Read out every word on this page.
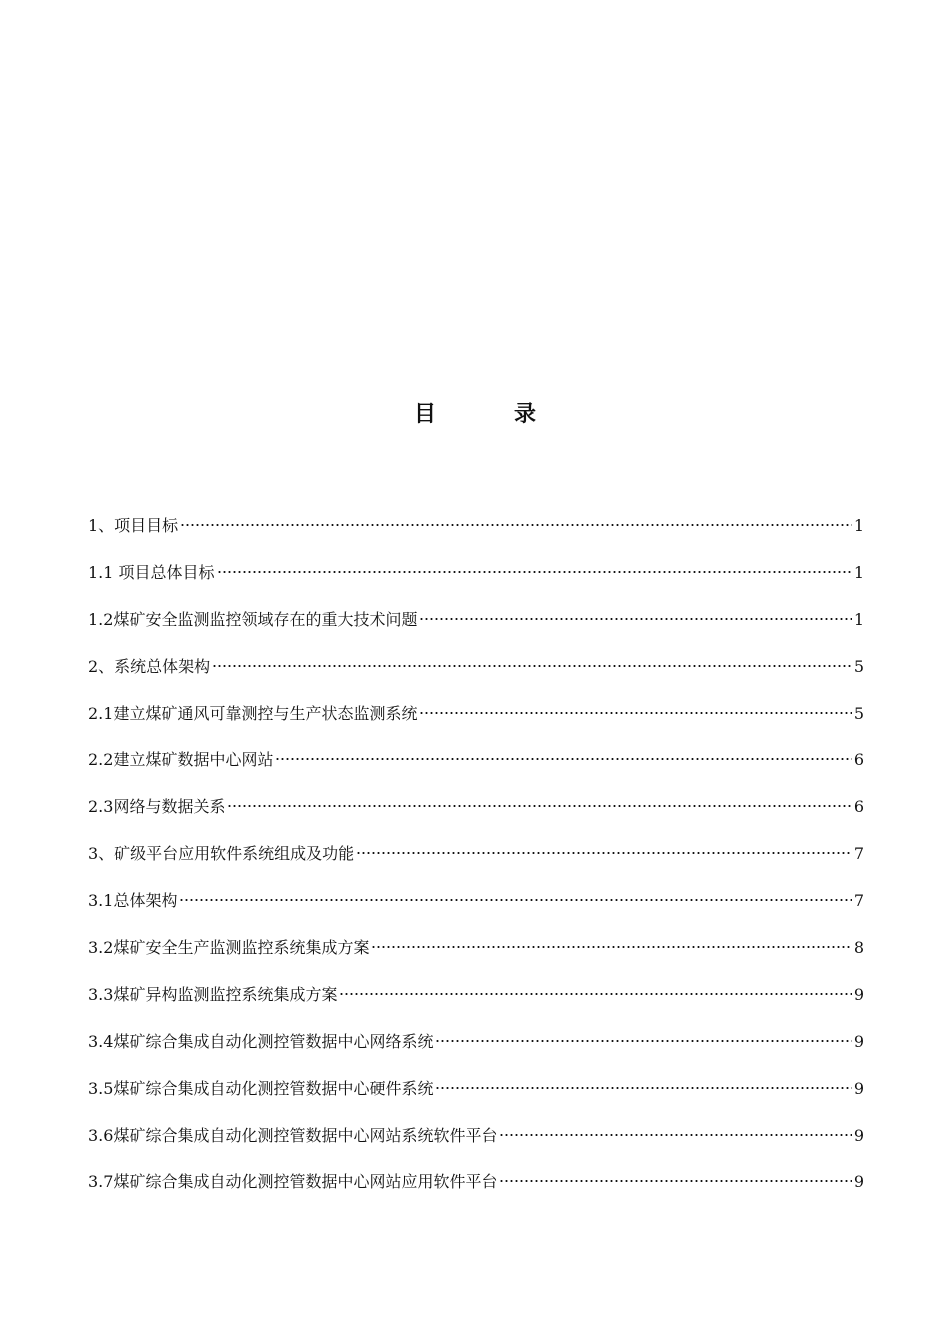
目　录
1、项目目标	1
1.1 项目总体目标	1
1.2煤矿安全监测监控领域存在的重大技术问题	1
2、系统总体架构	5
2.1建立煤矿通风可靠测控与生产状态监测系统	5
2.2建立煤矿数据中心网站	6
2.3网络与数据关系	6
3、矿级平台应用软件系统组成及功能	7
3.1总体架构	7
3.2煤矿安全生产监测监控系统集成方案	8
3.3煤矿异构监测监控系统集成方案	9
3.4煤矿综合集成自动化测控管数据中心网络系统	9
3.5煤矿综合集成自动化测控管数据中心硬件系统	9
3.6煤矿综合集成自动化测控管数据中心网站系统软件平台	9
3.7煤矿综合集成自动化测控管数据中心网站应用软件平台	9
